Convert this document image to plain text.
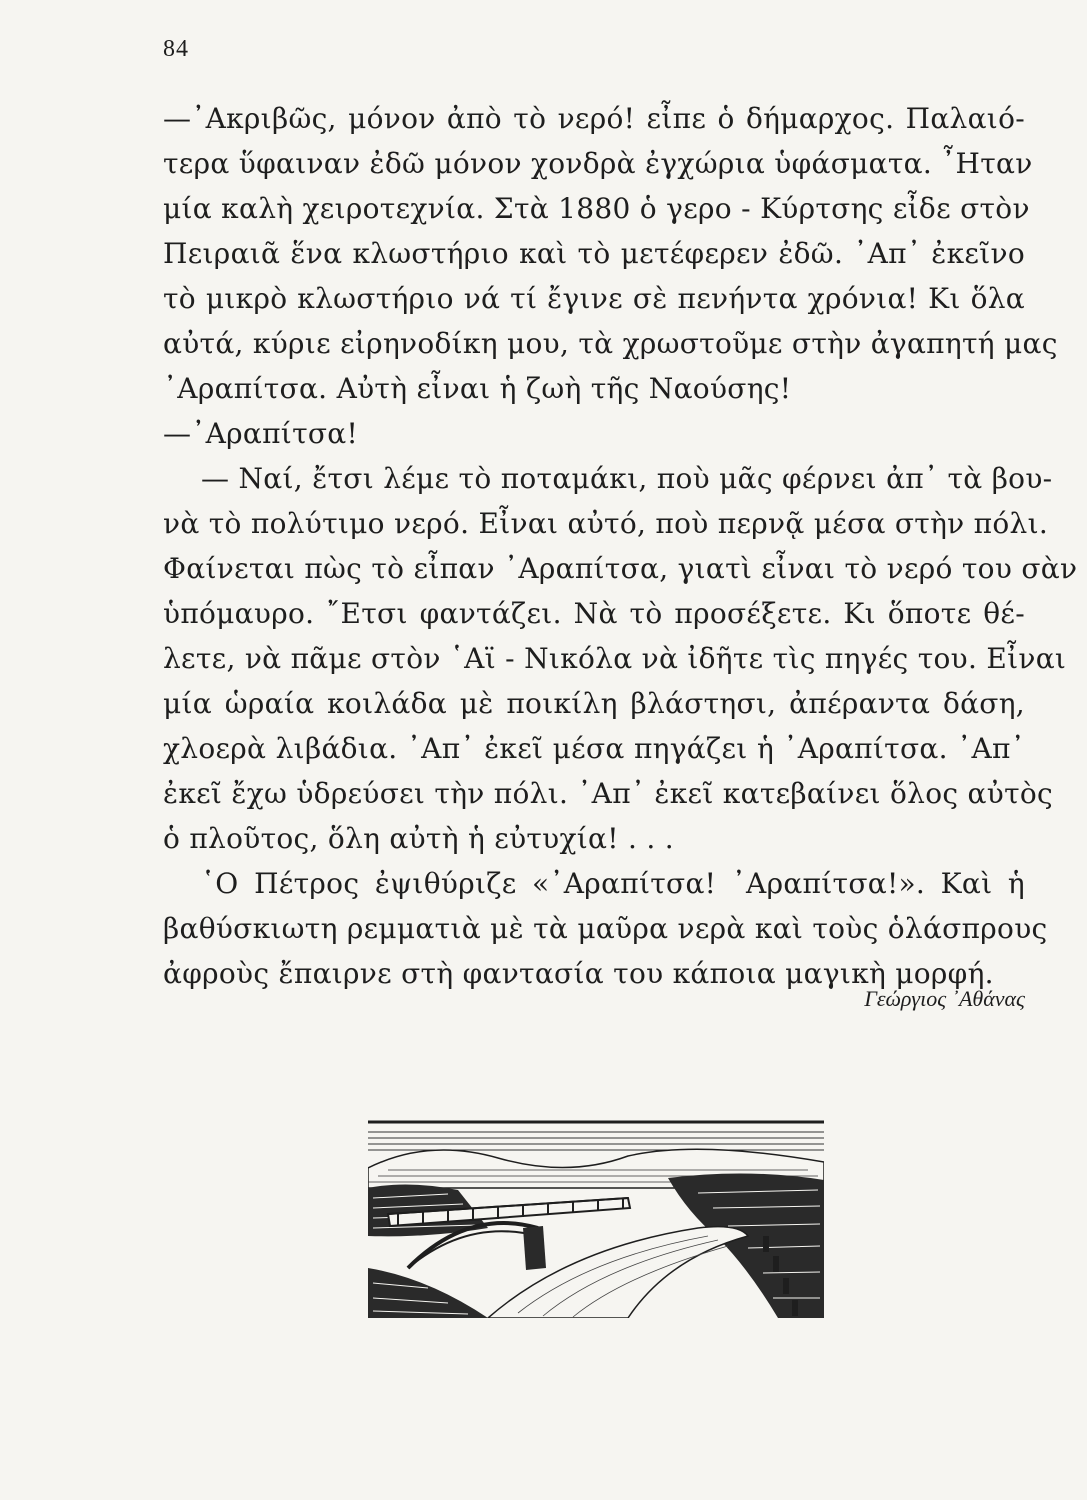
84
—᾿Ακριβῶς, μόνον ἀπὸ τὸ νερό! εἶπε ὁ δήμαρχος. Παλαιό-
τερα ὕφαιναν ἐδῶ μόνον χονδρὰ ἐγχώρια ὑφάσματα. ῏Ηταν
μία καλὴ χειροτεχνία. Στὰ 1880 ὁ γερο - Κύρτσης εἶδε στὸν
Πειραιᾶ ἕνα κλωστήριο καὶ τὸ μετέφερεν ἐδῶ. ᾿Απ᾿ ἐκεῖνο
τὸ μικρὸ κλωστήριο νά τί ἔγινε σὲ πενήντα χρόνια! Κι ὅλα
αὐτά, κύριε εἰρηνοδίκη μου, τὰ χρωστοῦμε στὴν ἀγαπητή μας
᾿Αραπίτσα. Αὐτὴ εἶναι ἡ ζωὴ τῆς Ναούσης!
—᾿Αραπίτσα!
— Ναί, ἔτσι λέμε τὸ ποταμάκι, ποὺ μᾶς φέρνει ἀπ᾿ τὰ βου-
νὰ τὸ πολύτιμο νερό. Εἶναι αὐτό, ποὺ περνᾷ μέσα στὴν πόλι.
Φαίνεται πὼς τὸ εἶπαν ᾿Αραπίτσα, γιατὶ εἶναι τὸ νερό του σὰν
ὑπόμαυρο. ῎Ετσι φαντάζει. Νὰ τὸ προσέξετε. Κι ὅποτε θέ-
λετε, νὰ πᾶμε στὸν ῾Αϊ - Νικόλα νὰ ἰδῆτε τὶς πηγές του. Εἶναι
μία ὡραία κοιλάδα μὲ ποικίλη βλάστησι, ἀπέραντα δάση,
χλοερὰ λιβάδια. ᾿Απ᾿ ἐκεῖ μέσα πηγάζει ἡ ᾿Αραπίτσα. ᾿Απ᾿
ἐκεῖ ἔχω ὑδρεύσει τὴν πόλι. ᾿Απ᾿ ἐκεῖ κατεβαίνει ὅλος αὐτὸς
ὁ πλοῦτος, ὅλη αὐτὴ ἡ εὐτυχία! . . .
῾Ο Πέτρος ἐψιθύριζε «᾿Αραπίτσα! ᾿Αραπίτσα!». Καὶ ἡ
βαθύσκιωτη ρεμματιὰ μὲ τὰ μαῦρα νερὰ καὶ τοὺς ὁλάσπρους
ἀφροὺς ἔπαιρνε στὴ φαντασία του κάποια μαγικὴ μορφή.
Γεώργιος ᾿Αθάνας
